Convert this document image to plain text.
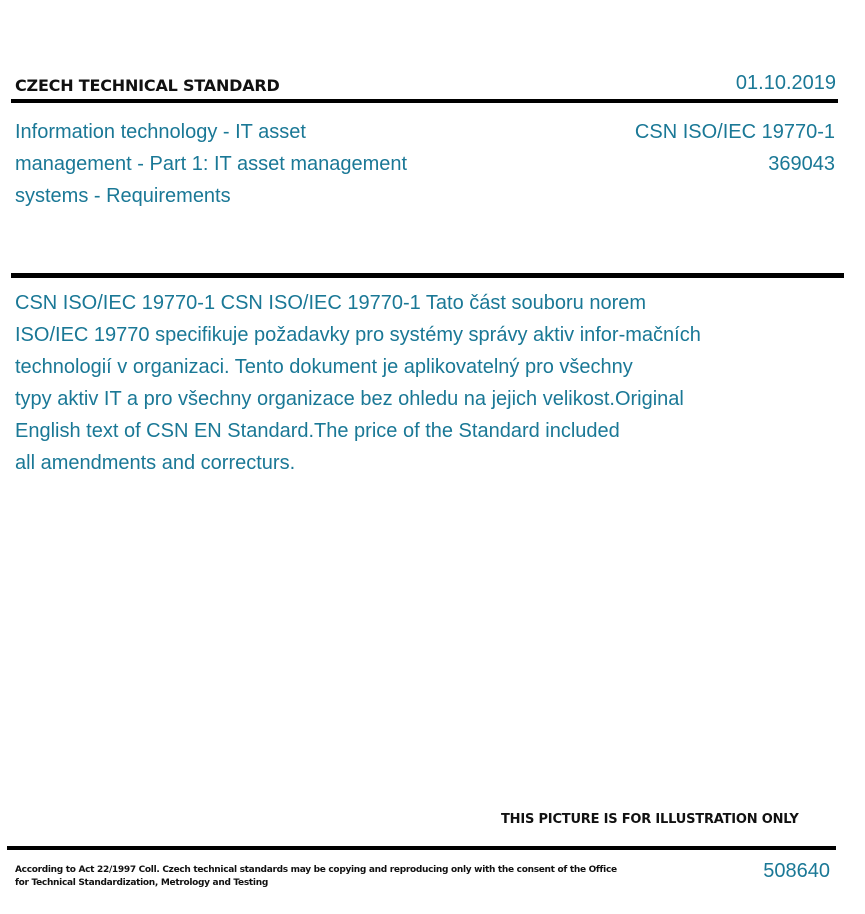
CZECH TECHNICAL STANDARD	01.10.2019
Information technology - IT asset
management - Part 1: IT asset management
systems - Requirements
CSN ISO/IEC 19770-1
369043
CSN ISO/IEC 19770-1 CSN ISO/IEC 19770-1 Tato část souboru norem
ISO/IEC 19770 specifikuje požadavky pro systémy správy aktiv infor-mačních
technologií v organizaci. Tento dokument je aplikovatelný pro všechny
typy aktiv IT a pro všechny organizace bez ohledu na jejich velikost.Original
English text of CSN EN Standard.The price of the Standard included
all amendments and correcturs.
THIS PICTURE IS FOR ILLUSTRATION ONLY
According to Act 22/1997 Coll. Czech technical standards may be copying and reproducing only with the consent of the Office
for Technical Standardization, Metrology and Testing
508640
